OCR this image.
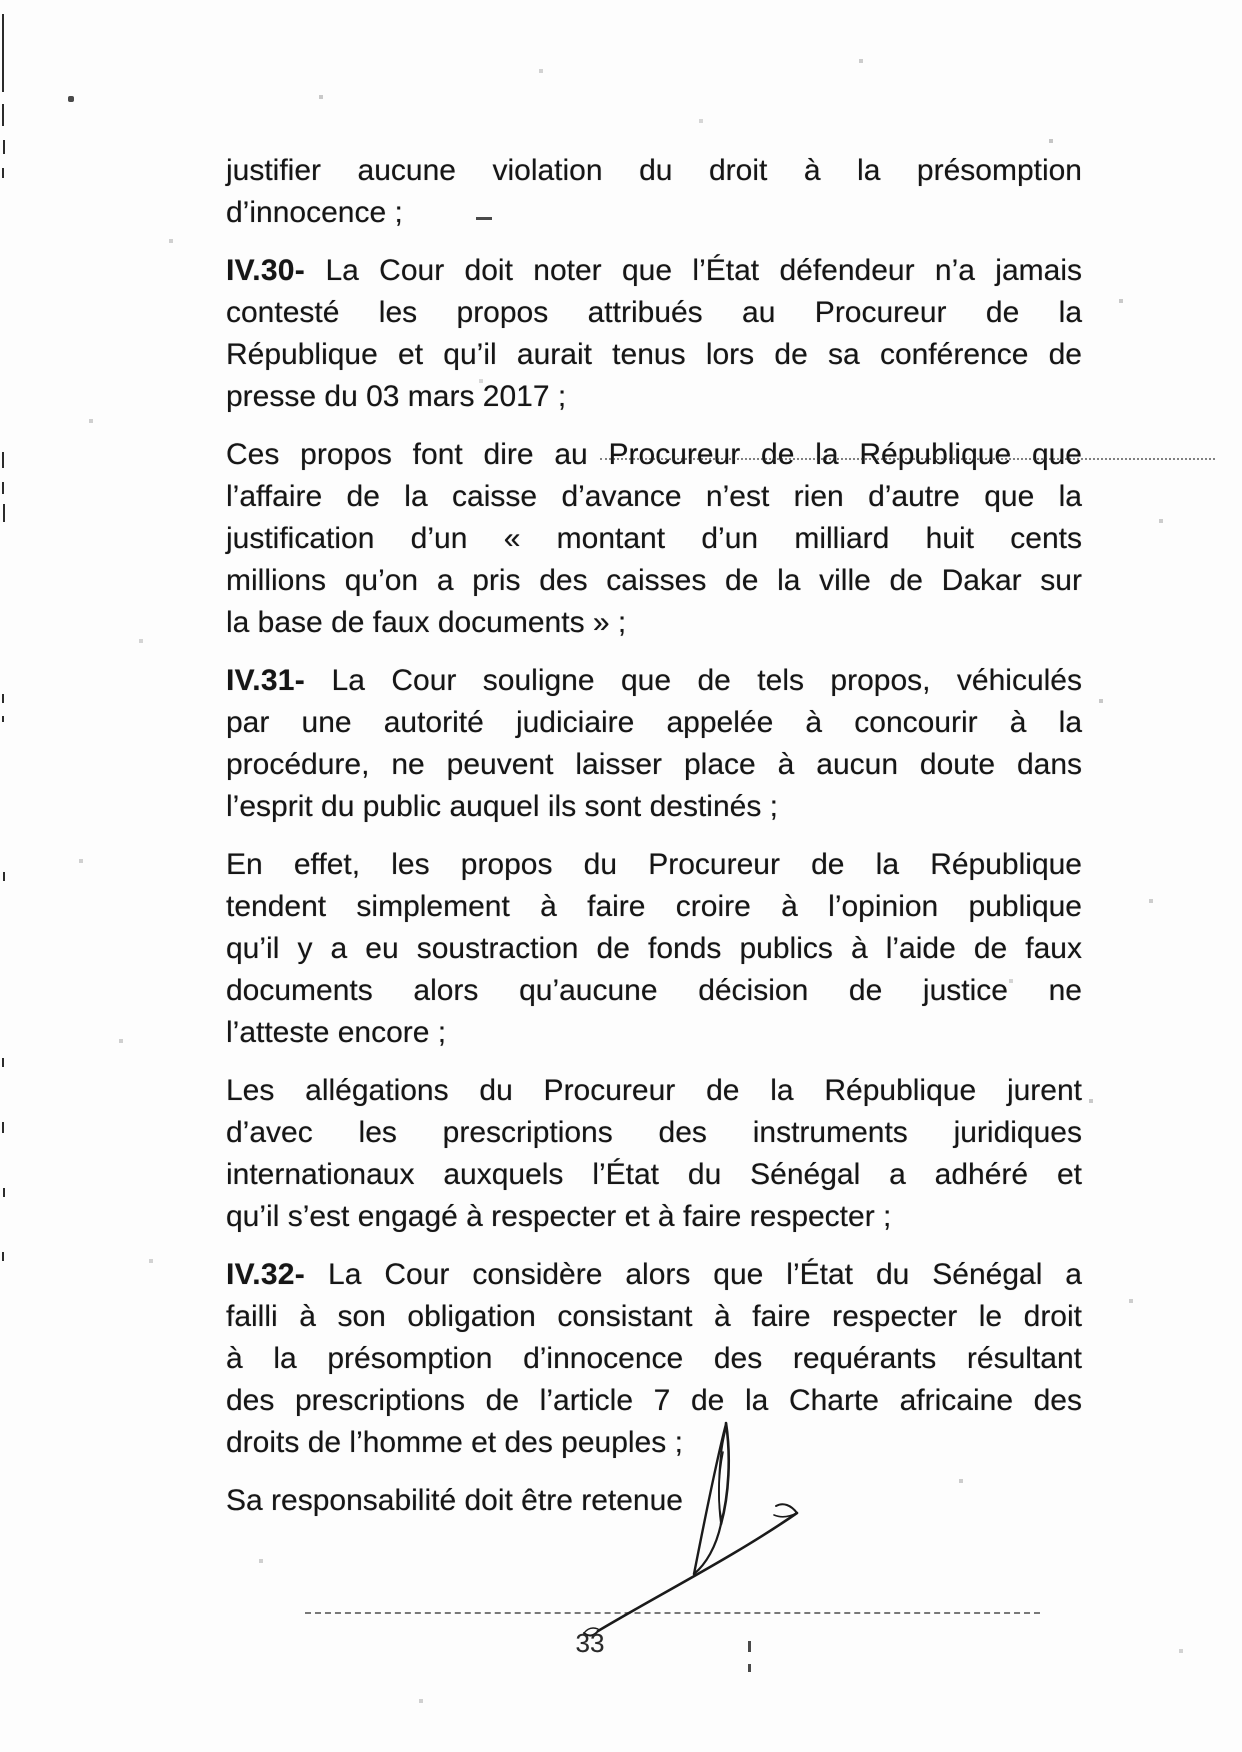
justifier aucune violation du droit à la présomption
d’innocence ;
IV.30- La Cour doit noter que l’État défendeur n’a jamais
contesté les propos attribués au Procureur de la
République et qu’il aurait tenus lors de sa conférence de
presse du 03 mars 2017 ;
Ces propos font dire au Procureur de la République que
l’affaire de la caisse d’avance n’est rien d’autre que la
justification d’un « montant d’un milliard huit cents
millions qu’on a pris des caisses de la ville de Dakar sur
la base de faux documents » ;
IV.31- La Cour souligne que de tels propos, véhiculés
par une autorité judiciaire appelée à concourir à la
procédure, ne peuvent laisser place à aucun doute dans
l’esprit du public auquel ils sont destinés ;
En effet, les propos du Procureur de la République
tendent simplement à faire croire à l’opinion publique
qu’il y a eu soustraction de fonds publics à l’aide de faux
documents alors qu’aucune décision de justice ne
l’atteste encore ;
Les allégations du Procureur de la République jurent
d’avec les prescriptions des instruments juridiques
internationaux auxquels l’État du Sénégal a adhéré et
qu’il s’est engagé à respecter et à faire respecter ;
IV.32- La Cour considère alors que l’État du Sénégal a
failli à son obligation consistant à faire respecter le droit
à la présomption d’innocence des requérants résultant
des prescriptions de l’article 7 de la Charte africaine des
droits de l’homme et des peuples ;
Sa responsabilité doit être retenue
33
